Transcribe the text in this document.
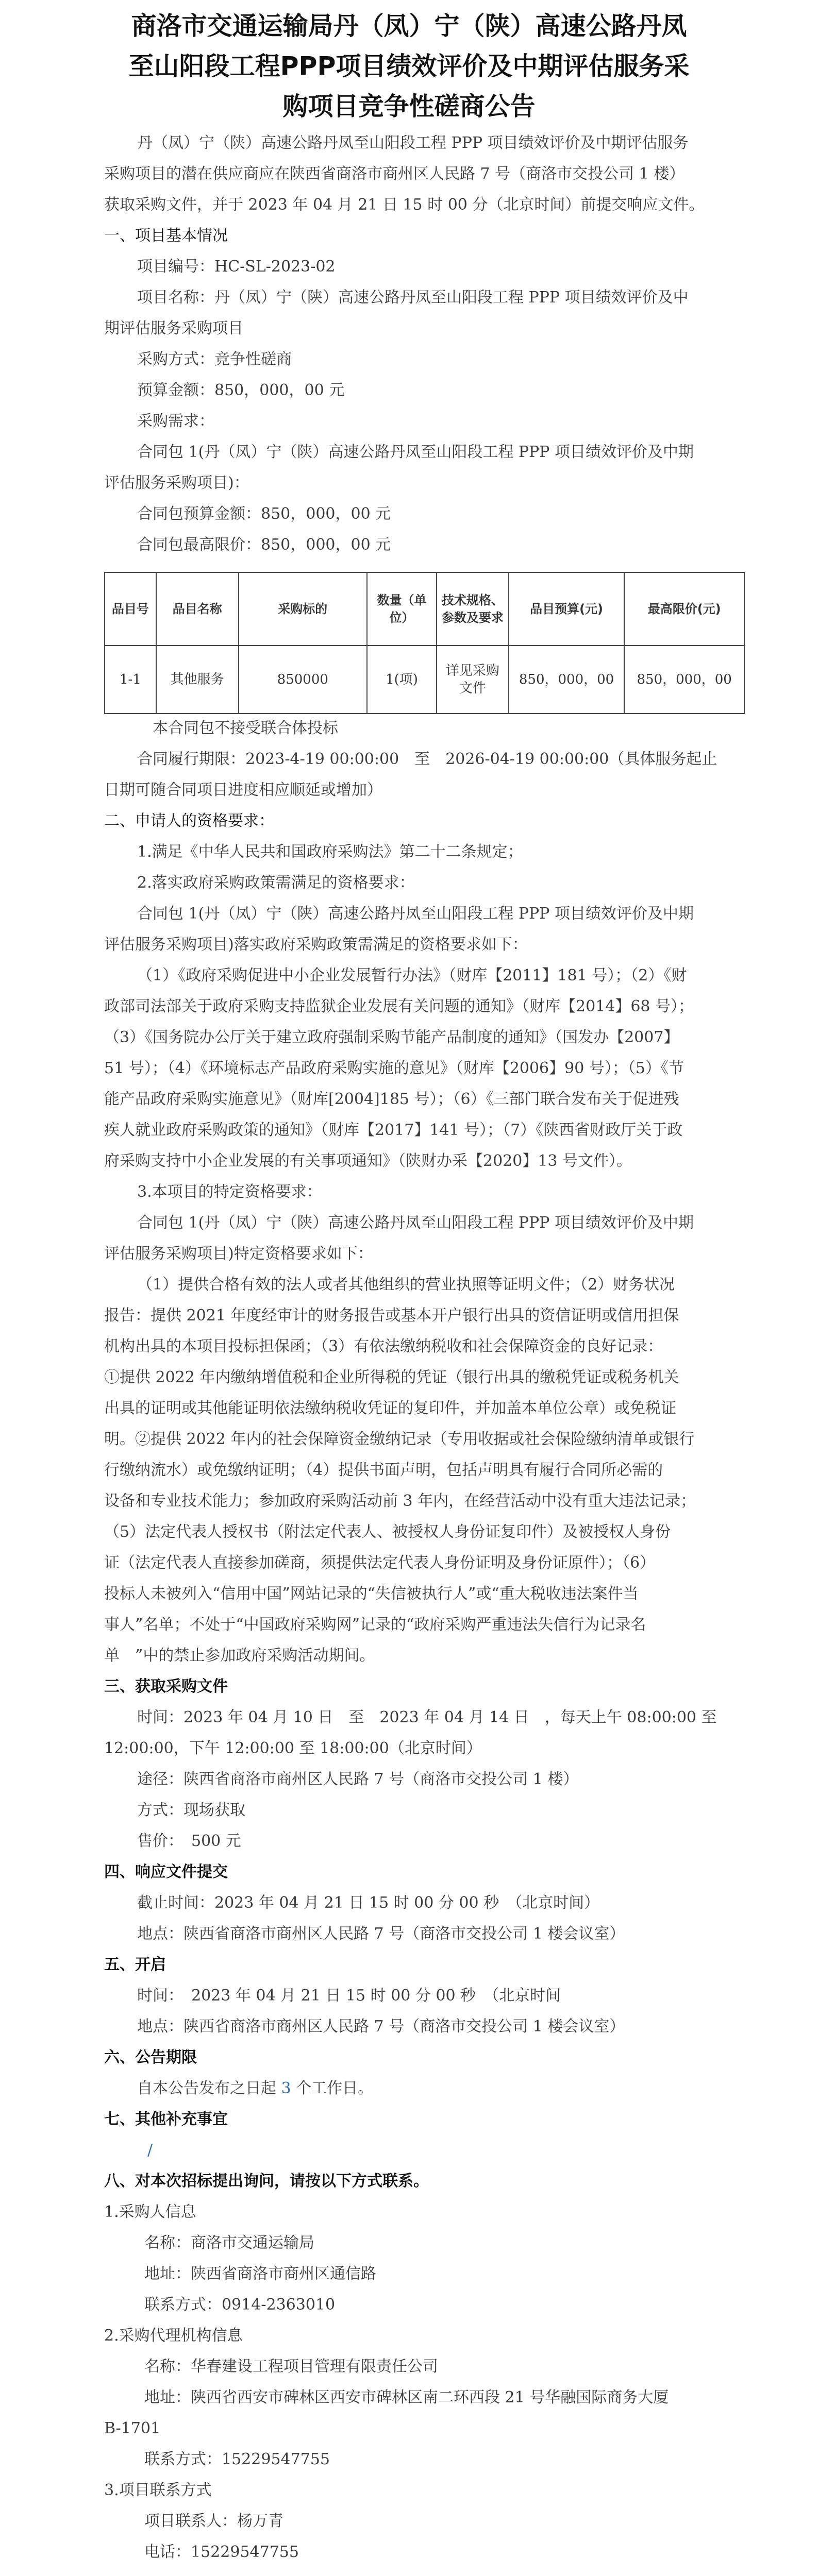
商洛市交通运输局丹（凤）宁（陕）高速公路丹凤
至山阳段工程PPP项目绩效评价及中期评估服务采
购项目竞争性磋商公告
丹（凤）宁（陕）高速公路丹凤至山阳段工程 PPP 项目绩效评价及中期评估服务
采购项目的潜在供应商应在陕西省商洛市商州区人民路 7 号（商洛市交投公司 1 楼）
获取采购文件，并于 2023 年 04 月 21 日 15 时 00 分（北京时间）前提交响应文件。
一、项目基本情况
项目编号：HC-SL-2023-02
项目名称：丹（凤）宁（陕）高速公路丹凤至山阳段工程 PPP 项目绩效评价及中
期评估服务采购项目
采购方式：竞争性磋商
预算金额：850，000，00 元
采购需求：
合同包 1(丹（凤）宁（陕）高速公路丹凤至山阳段工程 PPP 项目绩效评价及中期
评估服务采购项目)：
合同包预算金额：850，000，00 元
合同包最高限价：850，000，00 元
品目号	品目名称	采购标的	数量（单位）	技术规格、参数及要求	品目预算(元)	最高限价(元)
1-1	其他服务	850000	1(项)	详见采购文件	850，000，00	850，000，00
本合同包不接受联合体投标
合同履行期限：2023-4-19 00:00:00　至　2026-04-19 00:00:00（具体服务起止
日期可随合同项目进度相应顺延或增加）
二、申请人的资格要求：
1.满足《中华人民共和国政府采购法》第二十二条规定；
2.落实政府采购政策需满足的资格要求：
合同包 1(丹（凤）宁（陕）高速公路丹凤至山阳段工程 PPP 项目绩效评价及中期
评估服务采购项目)落实政府采购政策需满足的资格要求如下：
（1）《政府采购促进中小企业发展暂行办法》（财库【2011】181 号）；（2）《财
政部司法部关于政府采购支持监狱企业发展有关问题的通知》（财库【2014】68 号）；
（3）《国务院办公厅关于建立政府强制采购节能产品制度的通知》（国发办【2007】
51 号）；（4）《环境标志产品政府采购实施的意见》（财库【2006】90 号）；（5）《节
能产品政府采购实施意见》（财库[2004]185 号）；（6）《三部门联合发布关于促进残
疾人就业政府采购政策的通知》（财库【2017】141 号）；（7）《陕西省财政厅关于政
府采购支持中小企业发展的有关事项通知》（陕财办采【2020】13 号文件）。
3.本项目的特定资格要求：
合同包 1(丹（凤）宁（陕）高速公路丹凤至山阳段工程 PPP 项目绩效评价及中期
评估服务采购项目)特定资格要求如下：
（1）提供合格有效的法人或者其他组织的营业执照等证明文件；（2）财务状况
报告：提供 2021 年度经审计的财务报告或基本开户银行出具的资信证明或信用担保
机构出具的本项目投标担保函；（3）有依法缴纳税收和社会保障资金的良好记录：
①提供 2022 年内缴纳增值税和企业所得税的凭证（银行出具的缴税凭证或税务机关
出具的证明或其他能证明依法缴纳税收凭证的复印件，并加盖本单位公章）或免税证
明。②提供 2022 年内的社会保障资金缴纳记录（专用收据或社会保险缴纳清单或银行
行缴纳流水）或免缴纳证明；（4）提供书面声明，包括声明具有履行合同所必需的
设备和专业技术能力；参加政府采购活动前 3 年内，在经营活动中没有重大违法记录；
（5）法定代表人授权书（附法定代表人、被授权人身份证复印件）及被授权人身份
证（法定代表人直接参加磋商，须提供法定代表人身份证明及身份证原件）；（6）
投标人未被列入“信用中国”网站记录的“失信被执行人”或“重大税收违法案件当
事人”名单；不处于“中国政府采购网”记录的“政府采购严重违法失信行为记录名
单　”中的禁止参加政府采购活动期间。
三、获取采购文件
时间：2023 年 04 月 10 日　至　2023 年 04 月 14 日　，每天上午 08:00:00 至
12:00:00，下午 12:00:00 至 18:00:00（北京时间）
途径：陕西省商洛市商州区人民路 7 号（商洛市交投公司 1 楼）
方式：现场获取
售价：　500 元
四、响应文件提交
截止时间：2023 年 04 月 21 日 15 时 00 分 00 秒　（北京时间）
地点：陕西省商洛市商州区人民路 7 号（商洛市交投公司 1 楼会议室）
五、开启
时间：　2023 年 04 月 21 日 15 时 00 分 00 秒　（北京时间
地点：陕西省商洛市商州区人民路 7 号（商洛市交投公司 1 楼会议室）
六、公告期限
自本公告发布之日起 3 个工作日。
七、其他补充事宜
/
八、对本次招标提出询问，请按以下方式联系。
1.采购人信息
名称：商洛市交通运输局
地址：陕西省商洛市商州区通信路
联系方式：0914-2363010
2.采购代理机构信息
名称：华春建设工程项目管理有限责任公司
地址：陕西省西安市碑林区西安市碑林区南二环西段 21 号华融国际商务大厦
B-1701
联系方式：15229547755
3.项目联系方式
项目联系人：杨万青
电话：15229547755
